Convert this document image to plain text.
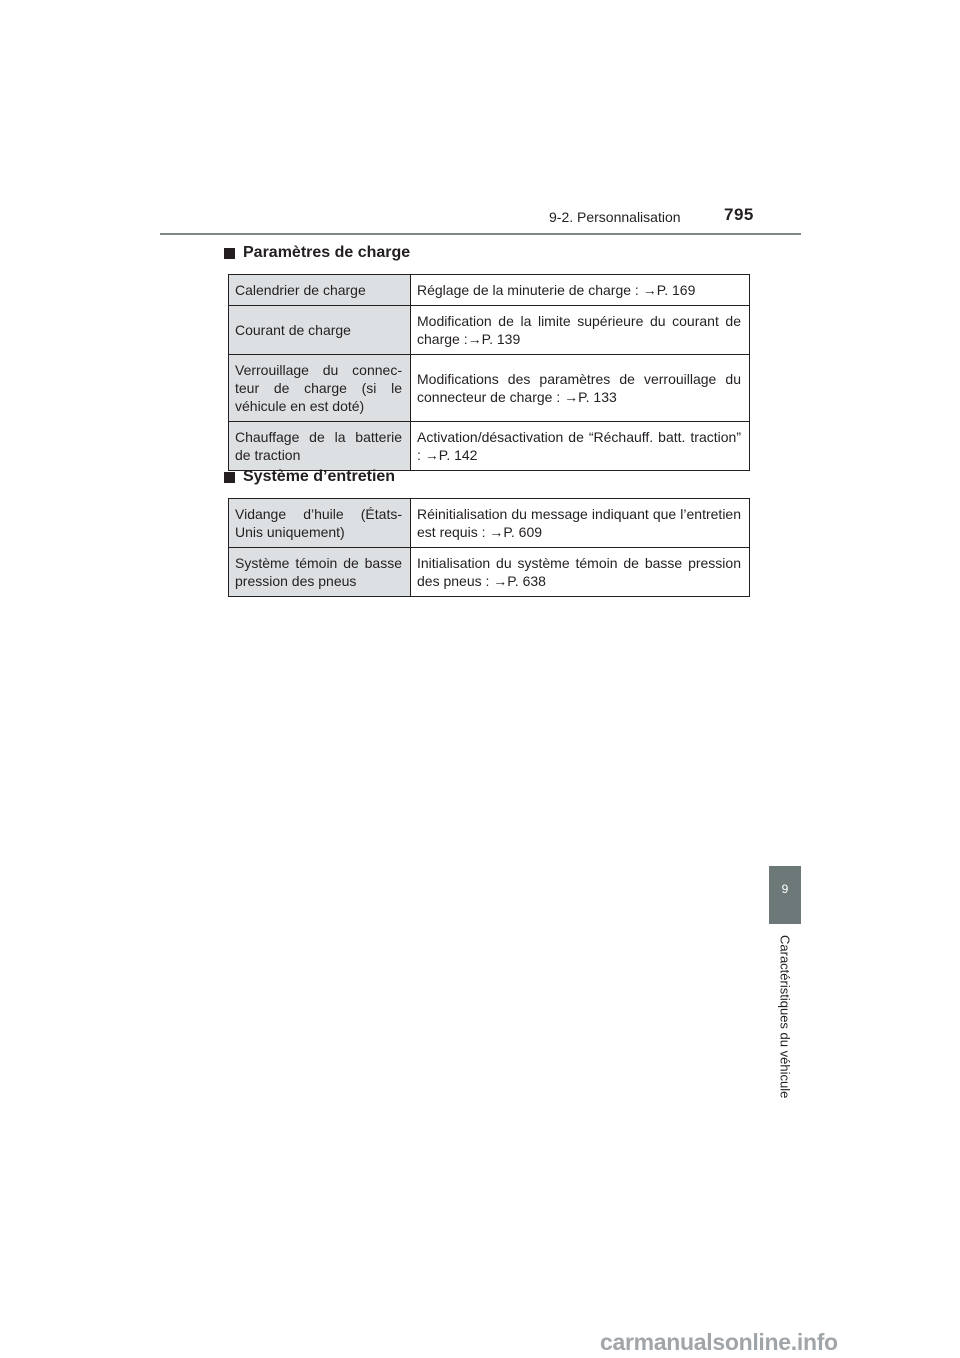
9-2. Personnalisation	795
Paramètres de charge
Calendrier de charge	Réglage de la minuterie de charge : →P. 169
Courant de charge	Modification de la limite supérieure du courant de charge :→P. 139
Verrouillage du connec-teur de charge (si le véhicule en est doté)	Modifications des paramètres de verrouillage du connecteur de charge : →P. 133
Chauffage de la batterie de traction	Activation/désactivation de “Réchauff. batt. traction” : →P. 142
Système d’entretien
Vidange d’huile (États-Unis uniquement)	Réinitialisation du message indiquant que l’entretien est requis : →P. 609
Système témoin de basse pression des pneus	Initialisation du système témoin de basse pression des pneus : →P. 638
9
Caractéristiques du véhicule
carmanualsonline.info
